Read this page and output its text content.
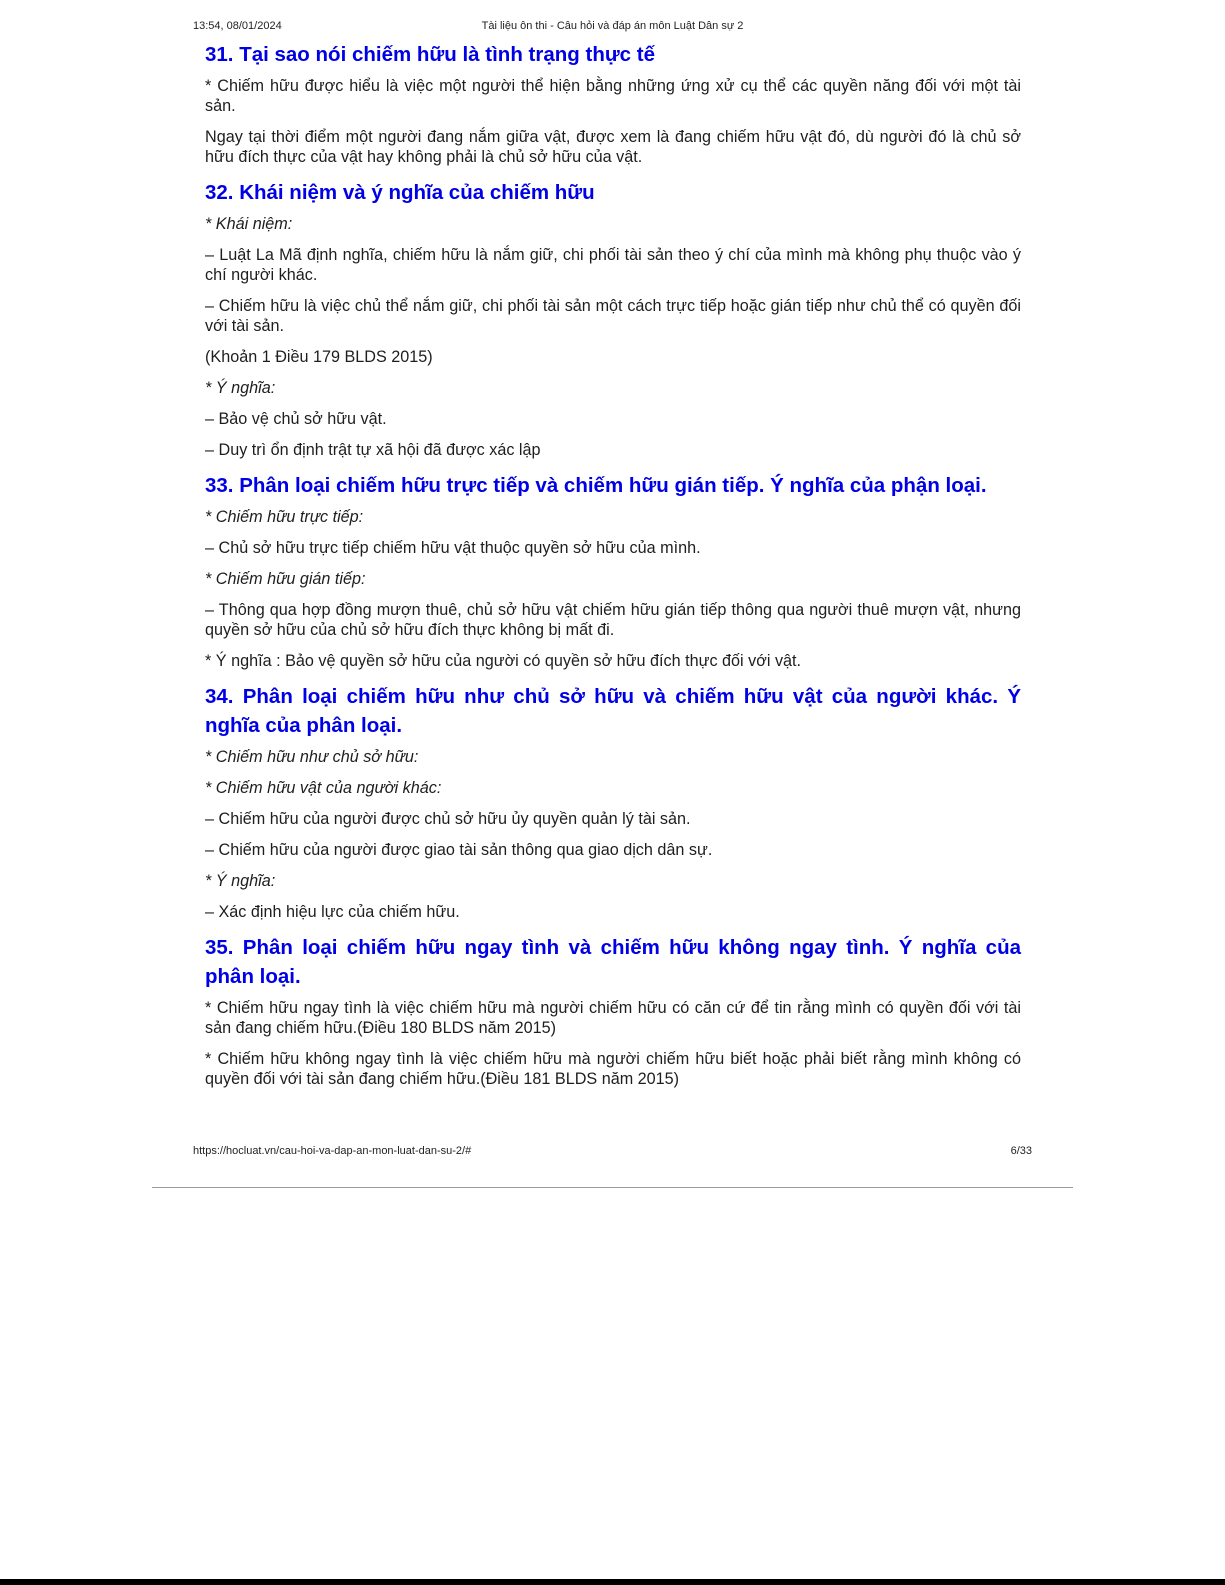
13:54, 08/01/2024	Tài liệu ôn thi - Câu hỏi và đáp án môn Luật Dân sự 2
31. Tại sao nói chiếm hữu là tình trạng thực tế

* Chiếm hữu được hiểu là việc một người thể hiện bằng những ứng xử cụ thể các quyền năng đối với một tài sản.

Ngay tại thời điểm một người đang nắm giữa vật, được xem là đang chiếm hữu vật đó, dù người đó là chủ sở hữu đích thực của vật hay không phải là chủ sở hữu của vật.

32. Khái niệm và ý nghĩa của chiếm hữu

* Khái niệm:

– Luật La Mã định nghĩa, chiếm hữu là nắm giữ, chi phối tài sản theo ý chí của mình mà không phụ thuộc vào ý chí người khác.

– Chiếm hữu là việc chủ thể nắm giữ, chi phối tài sản một cách trực tiếp hoặc gián tiếp như chủ thể có quyền đối với tài sản.

(Khoản 1 Điều 179 BLDS 2015)

* Ý nghĩa:

– Bảo vệ chủ sở hữu vật.

– Duy trì ổn định trật tự xã hội đã được xác lập

33. Phân loại chiếm hữu trực tiếp và chiếm hữu gián tiếp. Ý nghĩa của phận loại.

* Chiếm hữu trực tiếp:

– Chủ sở hữu trực tiếp chiếm hữu vật thuộc quyền sở hữu của mình.

* Chiếm hữu gián tiếp:

– Thông qua hợp đồng mượn thuê, chủ sở hữu vật chiếm hữu gián tiếp thông qua người thuê mượn vật, nhưng quyền sở hữu của chủ sở hữu đích thực không bị mất đi.

* Ý nghĩa : Bảo vệ quyền sở hữu của người có quyền sở hữu đích thực đối với vật.

34. Phân loại chiếm hữu như chủ sở hữu và chiếm hữu vật của người khác. Ý nghĩa của phân loại.

* Chiếm hữu như chủ sở hữu:

* Chiếm hữu vật của người khác:

– Chiếm hữu của người được chủ sở hữu ủy quyền quản lý tài sản.

– Chiếm hữu của người được giao tài sản thông qua giao dịch dân sự.

* Ý nghĩa:

– Xác định hiệu lực của chiếm hữu.

35. Phân loại chiếm hữu ngay tình và chiếm hữu không ngay tình. Ý nghĩa của phân loại.

* Chiếm hữu ngay tình là việc chiếm hữu mà người chiếm hữu có căn cứ để tin rằng mình có quyền đối với tài sản đang chiếm hữu.(Điều 180 BLDS năm 2015)

* Chiếm hữu không ngay tình là việc chiếm hữu mà người chiếm hữu biết hoặc phải biết rằng mình không có quyền đối với tài sản đang chiếm hữu.(Điều 181 BLDS năm 2015)

https://hocluat.vn/cau-hoi-va-dap-an-mon-luat-dan-su-2/#	6/33
